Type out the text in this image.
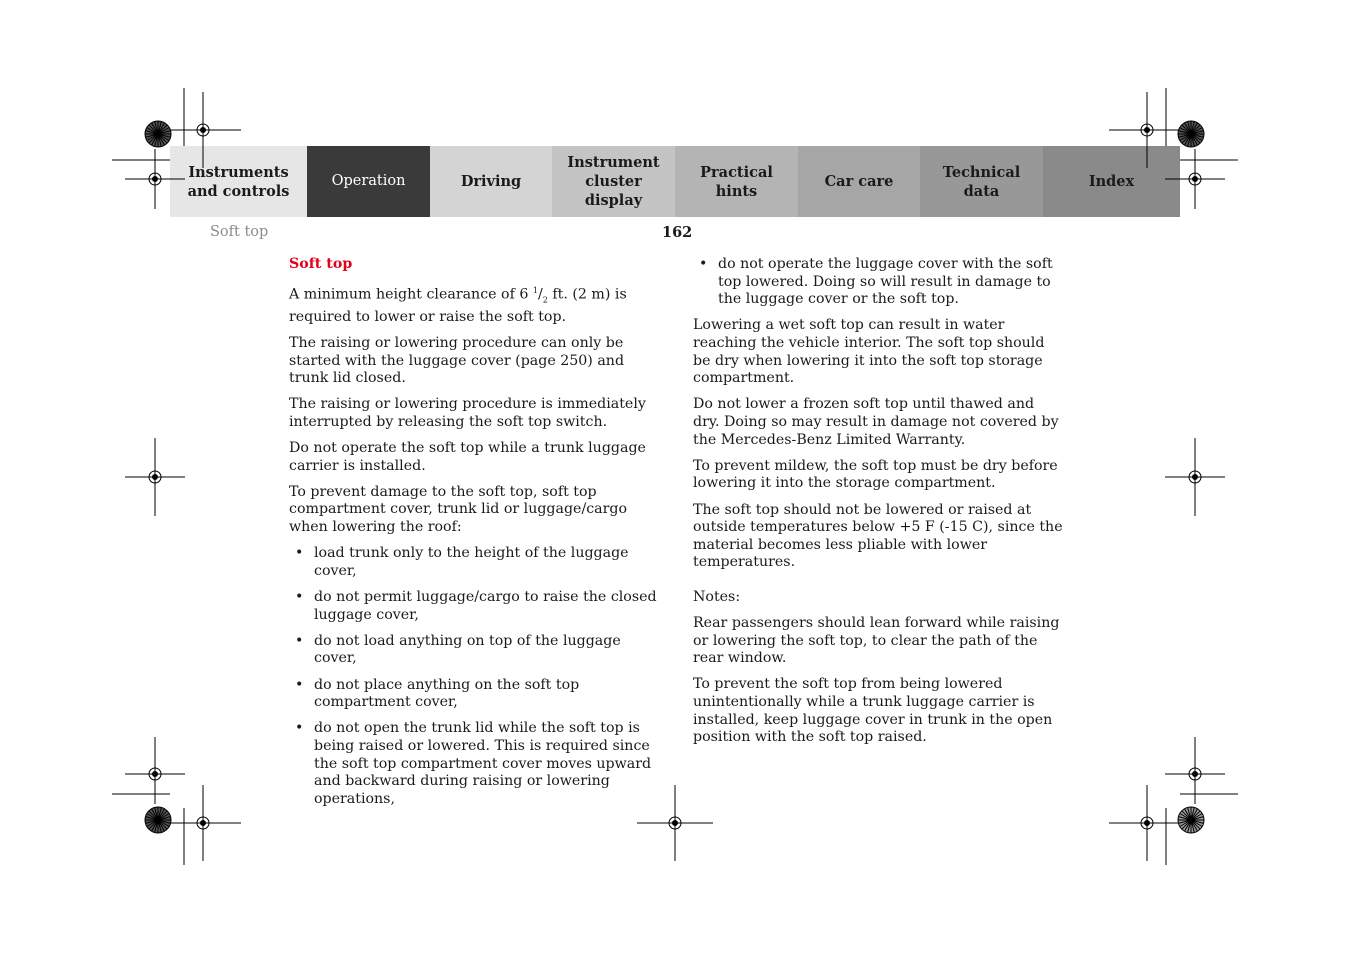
Instruments
and controls
Operation	Driving
Instrument
cluster display
Practical hints
Car care
Technical
data
Index
Soft top	162
Soft top

A minimum height clearance of 6 $^1/_2$ ft. (2 m) is required to lower or raise the soft top.

The raising or lowering procedure can only be started with the luggage cover (page 250) and trunk lid closed.

The raising or lowering procedure is immediately interrupted by releasing the soft top switch.

Do not operate the soft top while a trunk luggage carrier is installed.

To prevent damage to the soft top, soft top compartment cover, trunk lid or luggage/cargo when lowering the roof:

• load trunk only to the height of the luggage cover,
• do not permit luggage/cargo to raise the closed luggage cover,
• do not load anything on top of the luggage cover,
• do not place anything on the soft top compartment cover,
• do not open the trunk lid while the soft top is being raised or lowered. This is required since the soft top compartment cover moves upward and backward during raising or lowering operations,
• do not operate the luggage cover with the soft top lowered. Doing so will result in damage to the luggage cover or the soft top.

Lowering a wet soft top can result in water reaching the vehicle interior. The soft top should be dry when lowering it into the soft top storage compartment.

Do not lower a frozen soft top until thawed and dry. Doing so may result in damage not covered by the Mercedes-Benz Limited Warranty.

To prevent mildew, the soft top must be dry before lowering it into the storage compartment.

The soft top should not be lowered or raised at outside temperatures below +5 F (-15 C), since the material becomes less pliable with lower temperatures.

Notes:

Rear passengers should lean forward while raising or lowering the soft top, to clear the path of the rear window.

To prevent the soft top from being lowered unintentionally while a trunk luggage carrier is installed, keep luggage cover in trunk in the open position with the soft top raised.
